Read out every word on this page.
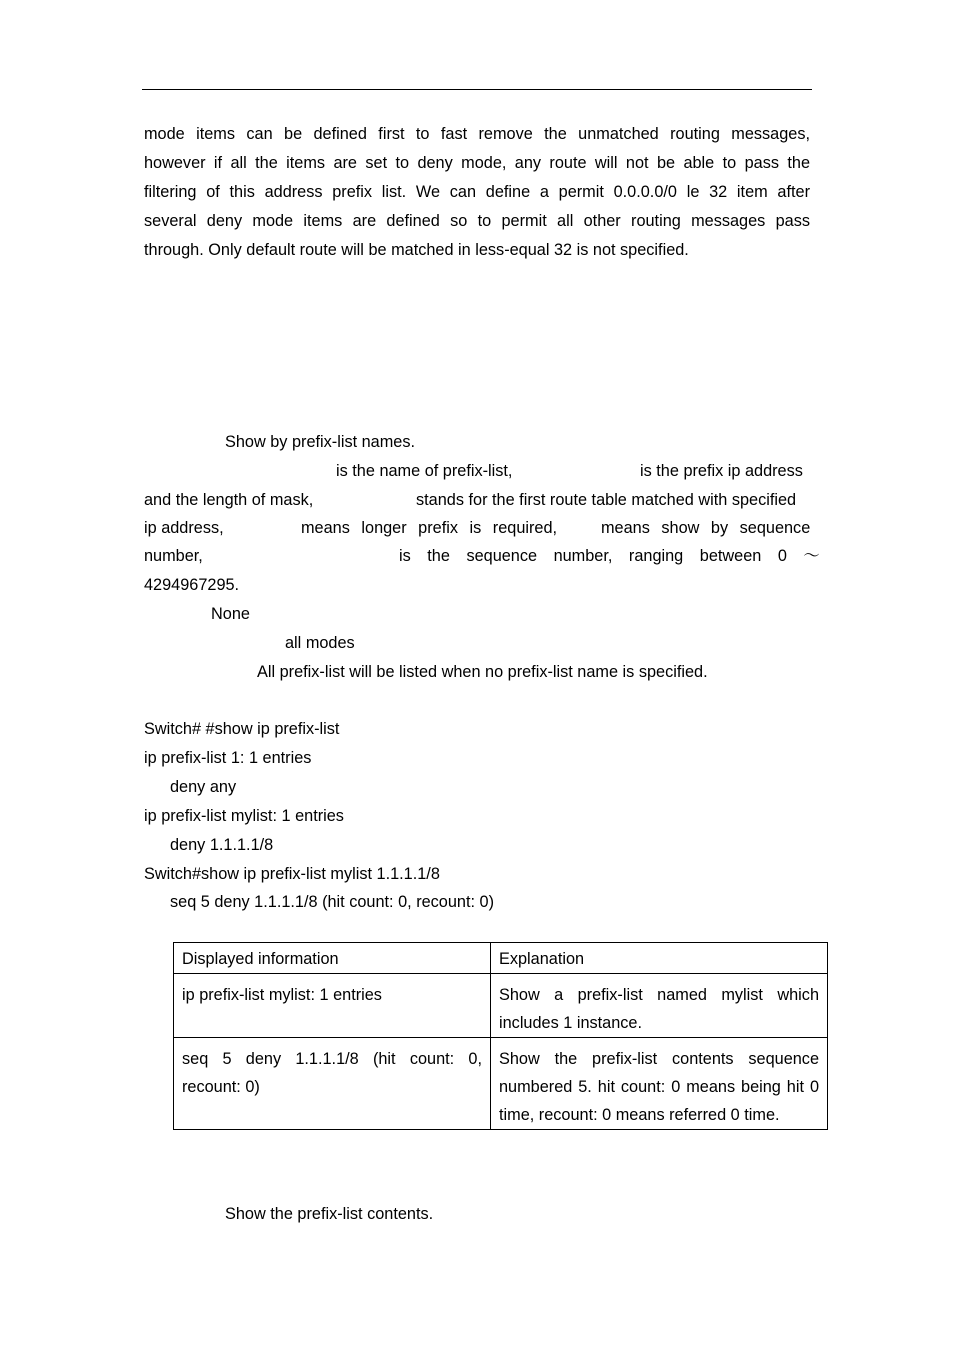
mode items can be defined first to fast remove the unmatched routing messages,
however if all the items are set to deny mode, any route will not be able to pass the
filtering of this address prefix list. We can define a permit 0.0.0.0/0 le 32 item after
several deny mode items are defined so to permit all other routing messages pass
through. Only default route will be matched in less-equal 32 is not specified.
Show by prefix-list names.
is the name of prefix-list,	is the prefix ip address
and the length of mask,	stands for the first route table matched with specified
ip address,	means longer prefix is required,	means show by sequence
number,	is the sequence number, ranging between 0 ～
4294967295.
None
all modes
All prefix-list will be listed when no prefix-list name is specified.
Switch# #show ip prefix-list
ip prefix-list 1: 1 entries
deny any
ip prefix-list mylist: 1 entries
deny 1.1.1.1/8
Switch#show ip prefix-list mylist 1.1.1.1/8
seq 5 deny 1.1.1.1/8 (hit count: 0, recount: 0)
Displayed information	Explanation
ip prefix-list mylist: 1 entries	Show a prefix-list named mylist which includes 1 instance.
seq 5 deny 1.1.1.1/8 (hit count: 0, recount: 0)	Show the prefix-list contents sequence numbered 5. hit count: 0 means being hit 0 time, recount: 0 means referred 0 time.
Show the prefix-list contents.
